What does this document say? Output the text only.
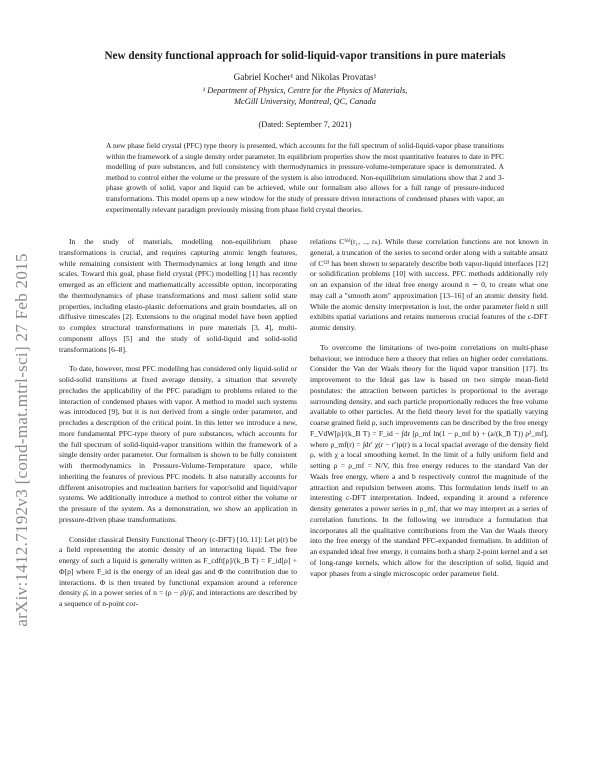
arXiv:1412.7192v3 [cond-mat.mtrl-sci] 27 Feb 2015
New density functional approach for solid-liquid-vapor transitions in pure materials
Gabriel Kocher¹ and Nikolas Provatas¹
¹ Department of Physics, Centre for the Physics of Materials,
McGill University, Montreal, QC, Canada
(Dated: September 7, 2021)

A new phase field crystal (PFC) type theory is presented, which accounts for the full spectrum of solid-liquid-vapor phase transitions within the framework of a single density order parameter. Its equilibrium properties show the most quantitative features to date in PFC modelling of pure substances, and full consistency with thermodynamics in pressure-volume-temperature space is demonstrated. A method to control either the volume or the pressure of the system is also introduced. Non-equilibrium simulations show that 2 and 3-phase growth of solid, vapor and liquid can be achieved, while our formalism also allows for a full range of pressure-induced transformations. This model opens up a new window for the study of pressure driven interactions of condensed phases with vapor, an experimentally relevant paradigm previously missing from phase field crystal theories.

In the study of materials, modelling non-equilibrium phase transformations is crucial, and requires capturing atomic length features, while remaining consistent with Thermodynamics at long length and time scales. Toward this goal, phase field crystal (PFC) modelling [1] has recently emerged as an efficient and mathematically accessible option, incorporating the thermodynamics of phase transformations and most salient solid state properties, including elasto-plastic deformations and grain boundaries, all on diffusive timescales [2]. Extensions to the original model have been applied to complex structural transformations in pure materials [3, 4], multi-component alloys [5] and the study of solid-liquid and solid-solid transformations [6–8].

To date, however, most PFC modelling has considered only liquid-solid or solid-solid transitions at fixed average density, a situation that severely precludes the applicability of the PFC paradigm to problems related to the interaction of condensed phases with vapor. A method to model such systems was introduced [9], but it is not derived from a single order parameter, and precludes a description of the critical point. In this letter we introduce a new, more fundamental PFC-type theory of pure substances, which accounts for the full spectrum of solid-liquid-vapor transitions within the framework of a single density order parameter. Our formalism is shown to be fully consistent with thermodynamics in Pressure-Volume-Temperature space, while inheriting the features of previous PFC models. It also naturally accounts for different anisotropies and nucleation barriers for vapor/solid and liquid/vapor systems. We additionally introduce a method to control either the volume or the pressure of the system. As a demonstration, we show an application in pressure-driven phase transformations.

Consider classical Density Functional Theory (c-DFT) [10, 11]: Let ρ(r) be a field representing the atomic density of an interacting liquid. The free energy of such a liquid is generally written as F_cdft[ρ]/(k_B T) = F_id[ρ] + Φ[ρ] where F_id is the energy of an ideal gas and Φ the contribution due to interactions. Φ is then treated by functional expansion around a reference density ρ̄, in a power series of n = (ρ − ρ̄)/ρ̄, and interactions are described by a sequence of n-point cor-

relations C⁽ⁿ⁾(r₁, .., rₙ). While these correlation functions are not known in general, a truncation of the series to second order along with a suitable ansatz of C⁽²⁾ has been shown to separately describe both vapor-liquid interfaces [12] or solidification problems [10] with success. PFC methods additionally rely on an expansion of the ideal free energy around n ∼ 0, to create what one may call a "smooth atom" approximation [13–16] of an atomic density field. While the atomic density interpretation is lost, the order parameter field n still exhibits spatial variations and retains numerous crucial features of the c-DFT atomic density.

To overcome the limitations of two-point correlations on multi-phase behaviour, we introduce here a theory that relies on higher order correlations. Consider the Van der Waals theory for the liquid vapor transition [17]. Its improvement to the Ideal gas law is based on two simple mean-field postulates: the attraction between particles is proportional to the average surrounding density, and each particle proportionally reduces the free volume available to other particles. At the field theory level for the spatially varying coarse grained field ρ, such improvements can be described by the free energy F_VdW[ρ]/(k_B T) = F_id − ∫dr [ρ_mf ln(1 − ρ_mf b) + (a/(k_B T)) ρ²_mf], where ρ_mf(r) = ∫dr′ χ(r − r′)ρ(r) is a local spacial average of the density field ρ, with χ a local smoothing kernel. In the limit of a fully uniform field and setting ρ = ρ_mf = N/V, this free energy reduces to the standard Van der Waals free energy, where a and b respectively control the magnitude of the attraction and repulsion between atoms. This formulation lends itself to an interesting c-DFT interpretation. Indeed, expanding it around a reference density generates a power series in ρ_mf, that we may interpret as a series of correlation functions. In the following we introduce a formulation that incorporates all the qualitative contributions from the Van der Waals theory into the free energy of the standard PFC-expanded formalism. In addition of an expanded ideal free energy, it contains both a sharp 2-point kernel and a set of long-range kernels, which allow for the description of solid, liquid and vapor phases from a single microscopic order parameter field.
